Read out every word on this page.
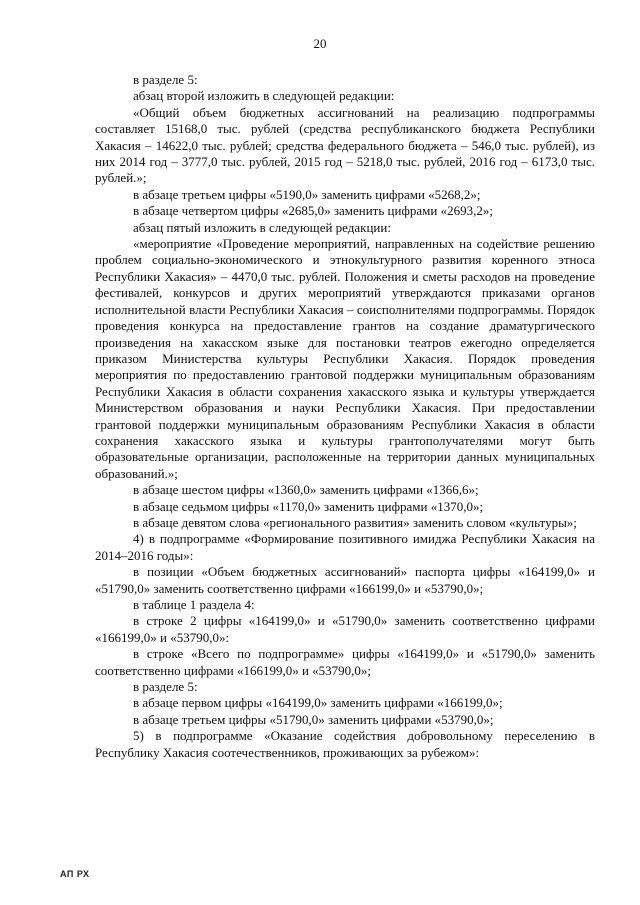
20

в разделе 5:

абзац второй изложить в следующей редакции:

«Общий объем бюджетных ассигнований на реализацию подпрограммы составляет 15168,0 тыс. рублей (средства республиканского бюджета Республики Хакасия – 14622,0 тыс. рублей; средства федерального бюджета – 546,0 тыс. рублей), из них 2014 год – 3777,0 тыс. рублей, 2015 год – 5218,0 тыс. рублей, 2016 год – 6173,0 тыс. рублей.»;

в абзаце третьем цифры «5190,0» заменить цифрами «5268,2»;

в абзаце четвертом цифры «2685,0» заменить цифрами «2693,2»;

абзац пятый изложить в следующей редакции:

«мероприятие «Проведение мероприятий, направленных на содействие решению проблем социально-экономического и этнокультурного развития коренного этноса Республики Хакасия» – 4470,0 тыс. рублей. Положения и сметы расходов на проведение фестивалей, конкурсов и других мероприятий утверждаются приказами органов исполнительной власти Республики Хакасия – соисполнителями подпрограммы. Порядок проведения конкурса на предоставление грантов на создание драматургического произведения на хакасском языке для постановки театров ежегодно определяется приказом Министерства культуры Республики Хакасия. Порядок проведения мероприятия по предоставлению грантовой поддержки муниципальным образованиям Республики Хакасия в области сохранения хакасского языка и культуры утверждается Министерством образования и науки Республики Хакасия. При предоставлении грантовой поддержки муниципальным образованиям Республики Хакасия в области сохранения хакасского языка и культуры грантополучателями могут быть образовательные организации, расположенные на территории данных муниципальных образований.»;

в абзаце шестом цифры «1360,0» заменить цифрами «1366,6»;

в абзаце седьмом цифры «1170,0» заменить цифрами «1370,0»;

в абзаце девятом слова «регионального развития» заменить словом «культуры»;

4) в подпрограмме «Формирование позитивного имиджа Республики Хакасия на 2014–2016 годы»:

в позиции «Объем бюджетных ассигнований» паспорта цифры «164199,0» и «51790,0» заменить соответственно цифрами «166199,0» и «53790,0»;

в таблице 1 раздела 4:

в строке 2 цифры «164199,0» и «51790,0» заменить соответственно цифрами «166199,0» и «53790,0»:

в строке «Всего по подпрограмме» цифры «164199,0» и «51790,0» заменить соответственно цифрами «166199,0» и «53790,0»;

в разделе 5:

в абзаце первом цифры «164199,0» заменить цифрами «166199,0»;

в абзаце третьем цифры «51790,0» заменить цифрами «53790,0»;

5) в подпрограмме «Оказание содействия добровольному переселению в Республику Хакасия соотечественников, проживающих за рубежом»:

АП РХ
